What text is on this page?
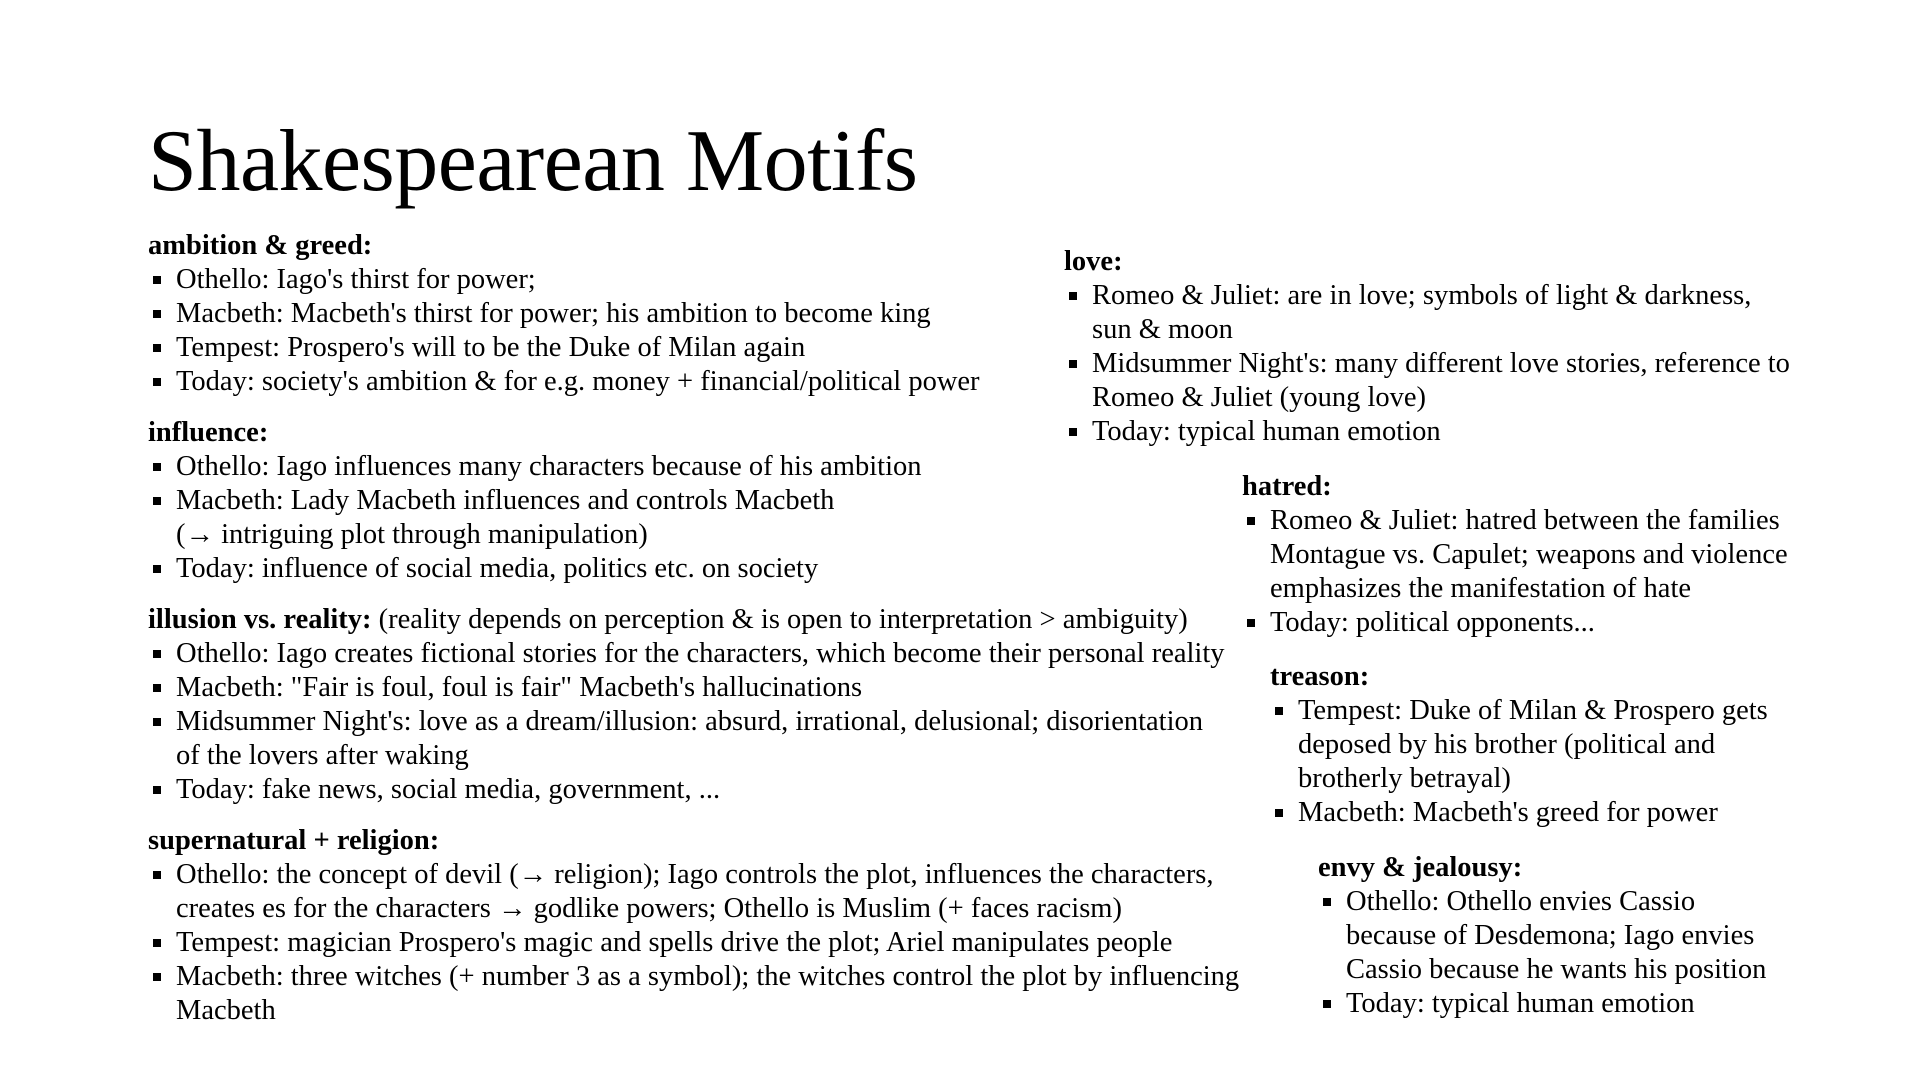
Shakespearean Motifs
ambition & greed:
Othello: Iago's thirst for power;
Macbeth: Macbeth's thirst for power; his ambition to become king
Tempest: Prospero's will to be the Duke of Milan again
Today: society's ambition & for e.g. money + financial/political power
influence:
Othello: Iago influences many characters because of his ambition
Macbeth: Lady Macbeth influences and controls Macbeth
(→ intriguing plot through manipulation)
Today: influence of social media, politics etc. on society
illusion vs. reality: (reality depends on perception & is open to interpretation > ambiguity)
Othello: Iago creates fictional stories for the characters, which become their personal reality
Macbeth: "Fair is foul, foul is fair" Macbeth's hallucinations
Midsummer Night's: love as a dream/illusion: absurd, irrational, delusional; disorientation
of the lovers after waking
Today: fake news, social media, government, ...
supernatural + religion:
Othello: the concept of devil (→ religion); Iago controls the plot, influences the characters,
creates es for the characters → godlike powers; Othello is Muslim (+ faces racism)
Tempest: magician Prospero's magic and spells drive the plot; Ariel manipulates people
Macbeth: three witches (+ number 3 as a symbol); the witches control the plot by influencing
Macbeth
love:
Romeo & Juliet: are in love; symbols of light & darkness,
sun & moon
Midsummer Night's: many different love stories, reference to
Romeo & Juliet (young love)
Today: typical human emotion
hatred:
Romeo & Juliet: hatred between the families
Montague vs. Capulet; weapons and violence
emphasizes the manifestation of hate
Today: political opponents...
treason:
Tempest: Duke of Milan & Prospero gets
deposed by his brother (political and
brotherly betrayal)
Macbeth: Macbeth's greed for power
envy & jealousy:
Othello: Othello envies Cassio
because of Desdemona; Iago envies
Cassio because he wants his position
Today: typical human emotion
